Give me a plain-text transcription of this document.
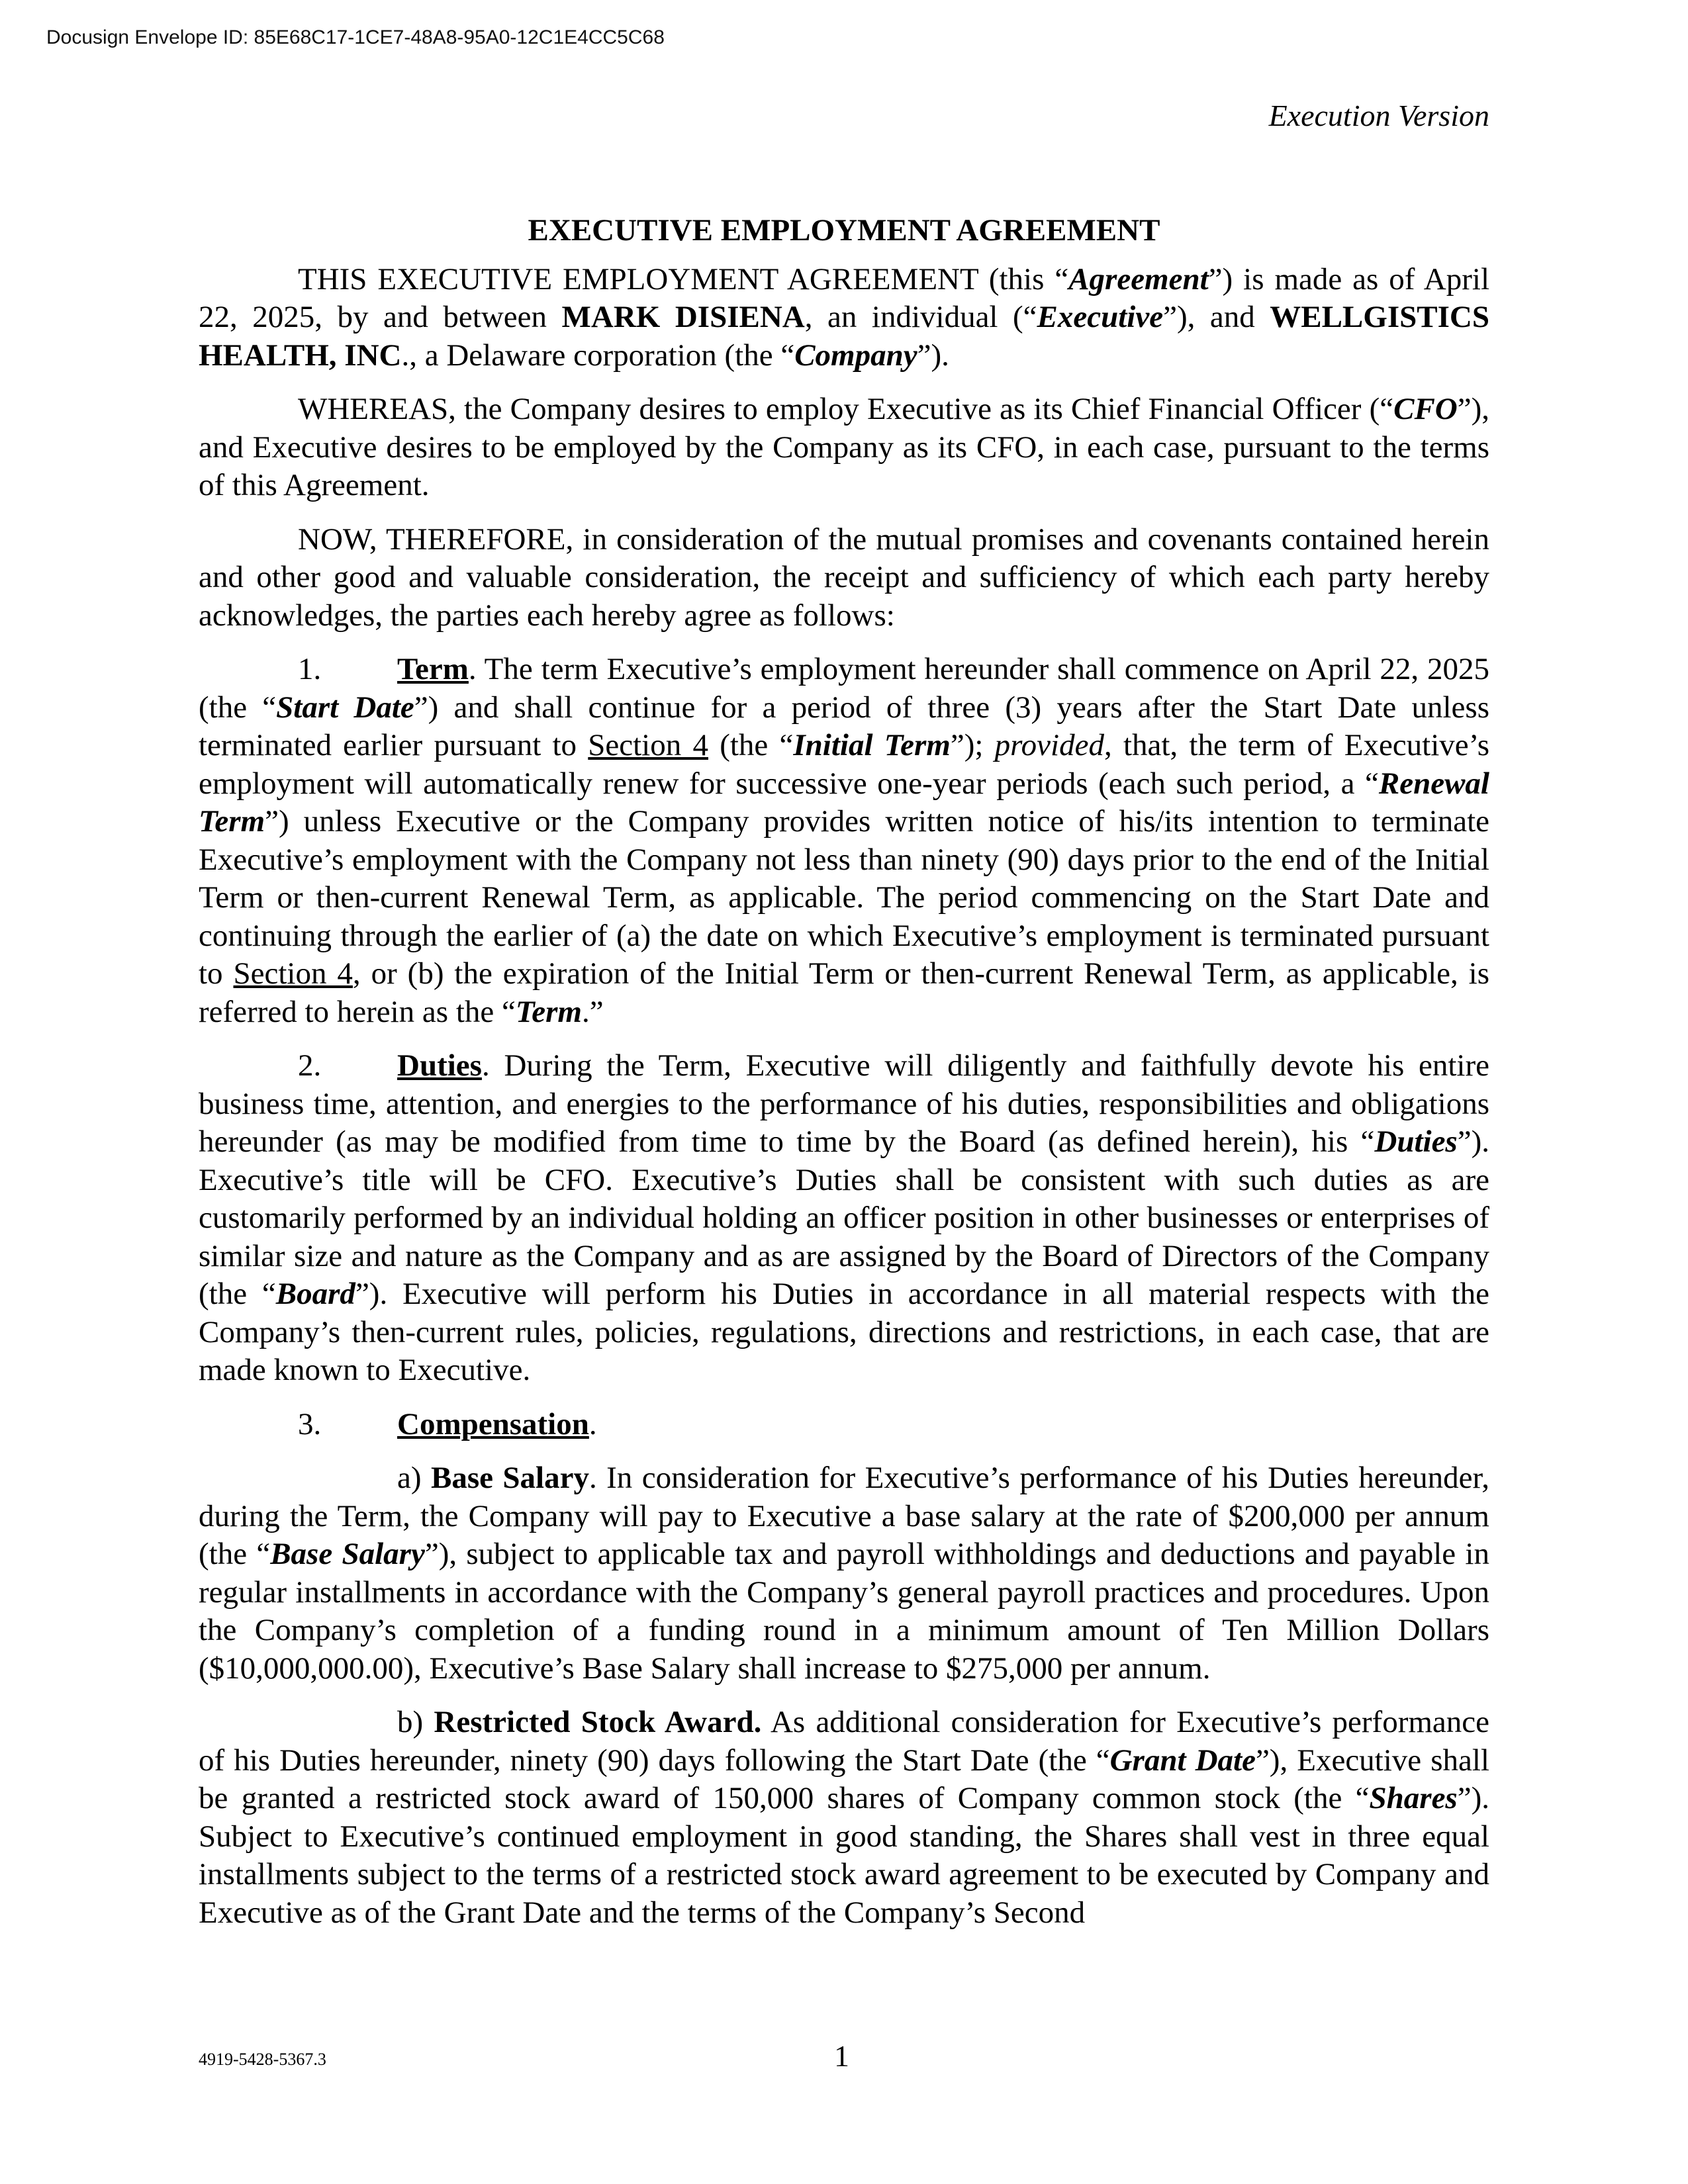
Docusign Envelope ID: 85E68C17-1CE7-48A8-95A0-12C1E4CC5C68
Execution Version
EXECUTIVE EMPLOYMENT AGREEMENT

THIS EXECUTIVE EMPLOYMENT AGREEMENT (this “Agreement”) is made as of April 22, 2025, by and between MARK DISIENA, an individual (“Executive”), and WELLGISTICS HEALTH, INC., a Delaware corporation (the “Company”).

WHEREAS, the Company desires to employ Executive as its Chief Financial Officer (“CFO”), and Executive desires to be employed by the Company as its CFO, in each case, pursuant to the terms of this Agreement.

NOW, THEREFORE, in consideration of the mutual promises and covenants contained herein and other good and valuable consideration, the receipt and sufficiency of which each party hereby acknowledges, the parties each hereby agree as follows:

1. Term. The term Executive’s employment hereunder shall commence on April 22, 2025 (the “Start Date”) and shall continue for a period of three (3) years after the Start Date unless terminated earlier pursuant to Section 4 (the “Initial Term”); provided, that, the term of Executive’s employment will automatically renew for successive one-year periods (each such period, a “Renewal Term”) unless Executive or the Company provides written notice of his/its intention to terminate Executive’s employment with the Company not less than ninety (90) days prior to the end of the Initial Term or then-current Renewal Term, as applicable. The period commencing on the Start Date and continuing through the earlier of (a) the date on which Executive’s employment is terminated pursuant to Section 4, or (b) the expiration of the Initial Term or then-current Renewal Term, as applicable, is referred to herein as the “Term.”

2. Duties. During the Term, Executive will diligently and faithfully devote his entire business time, attention, and energies to the performance of his duties, responsibilities and obligations hereunder (as may be modified from time to time by the Board (as defined herein), his “Duties”). Executive’s title will be CFO. Executive’s Duties shall be consistent with such duties as are customarily performed by an individual holding an officer position in other businesses or enterprises of similar size and nature as the Company and as are assigned by the Board of Directors of the Company (the “Board”). Executive will perform his Duties in accordance in all material respects with the Company’s then-current rules, policies, regulations, directions and restrictions, in each case, that are made known to Executive.

3. Compensation.

a) Base Salary. In consideration for Executive’s performance of his Duties hereunder, during the Term, the Company will pay to Executive a base salary at the rate of $200,000 per annum (the “Base Salary”), subject to applicable tax and payroll withholdings and deductions and payable in regular installments in accordance with the Company’s general payroll practices and procedures. Upon the Company’s completion of a funding round in a minimum amount of Ten Million Dollars ($10,000,000.00), Executive’s Base Salary shall increase to $275,000 per annum.

b) Restricted Stock Award. As additional consideration for Executive’s performance of his Duties hereunder, ninety (90) days following the Start Date (the “Grant Date”), Executive shall be granted a restricted stock award of 150,000 shares of Company common stock (the “Shares”). Subject to Executive’s continued employment in good standing, the Shares shall vest in three equal installments subject to the terms of a restricted stock award agreement to be executed by Company and Executive as of the Grant Date and the terms of the Company’s Second

4919-5428-5367.3	1
